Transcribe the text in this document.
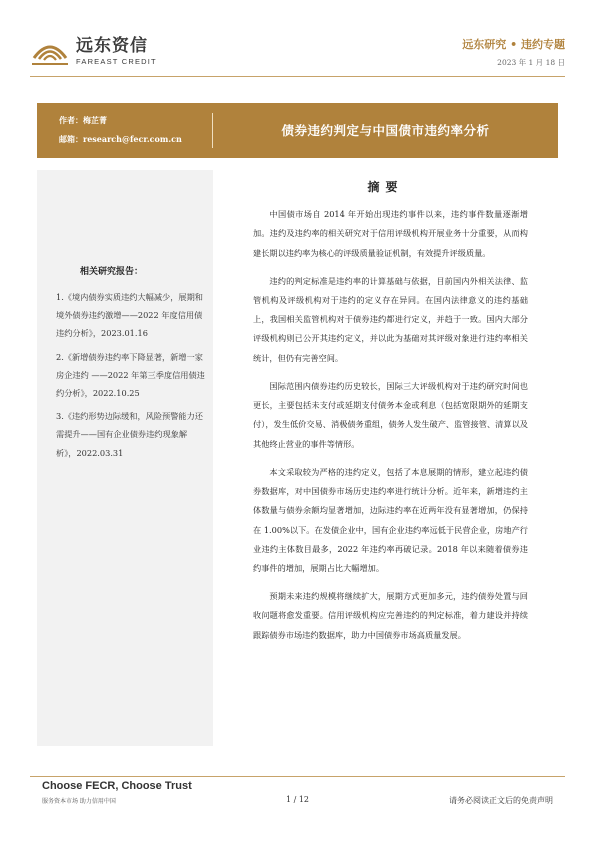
远东资信
FAREAST CREDIT
远东研究 • 违约专题
2023 年 1 月 18 日
作者：梅芷菁
邮箱：research@fecr.com.cn
债券违约判定与中国债市违约率分析
相关研究报告：
1.《境内债券实质违约大幅减少，展期和境外债券违约激增——2022 年度信用债违约分析》，2023.01.16
2.《新增债券违约率下降显著，新增一家房企违约 ——2022 年第三季度信用债违约分析》，2022.10.25
3.《违约形势边际缓和，风险预警能力还需提升——国有企业债券违约现象解析》，2022.03.31
摘要

中国债市场自 2014 年开始出现违约事件以来，违约事件数量逐渐增加。违约及违约率的相关研究对于信用评级机构开展业务十分重要，从而构建长期以违约率为核心的评级质量验证机制，有效提升评级质量。

违约的判定标准是违约率的计算基础与依据，目前国内外相关法律、监管机构及评级机构对于违约的定义存在异同。在国内法律意义的违约基础上，我国相关监管机构对于债券违约都进行定义，并趋于一致。国内大部分评级机构则已公开其违约定义，并以此为基础对其评级对象进行违约率相关统计，但仍有完善空间。

国际范围内债券违约历史较长，国际三大评级机构对于违约研究时间也更长，主要包括未支付或延期支付债务本金或利息（包括宽限期外的延期支付），发生低价交易、消极债务重组，债务人发生破产、监管接管、清算以及其他终止营业的事件等情形。

本文采取较为严格的违约定义，包括了本息展期的情形，建立起违约债券数据库，对中国债券市场历史违约率进行统计分析。近年来，新增违约主体数量与债券余额均显著增加，边际违约率在近两年没有显著增加，仍保持在 1.00%以下。在发债企业中，国有企业违约率远低于民营企业，房地产行业违约主体数目最多，2022 年违约率再破记录。2018 年以来随着债券违约事件的增加，展期占比大幅增加。

预期未来违约规模将继续扩大，展期方式更加多元，违约债券处置与回收问题将愈发重要。信用评级机构应完善违约的判定标准，着力建设并持续跟踪债券市场违约数据库，助力中国债券市场高质量发展。

Choose FECR, Choose Trust
服务资本市场 助力信用中国	1 / 12	请务必阅读正文后的免责声明
